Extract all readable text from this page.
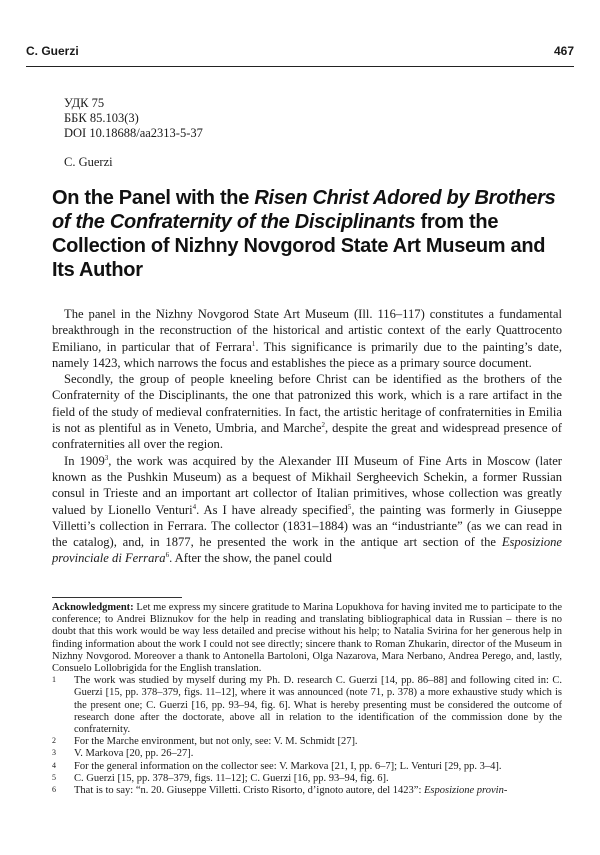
C. Guerzi	467
УДК 75
ББК 85.103(3)
DOI 10.18688/aa2313-5-37
C. Guerzi
On the Panel with the Risen Christ Adored by Brothers of the Confraternity of the Disciplinants from the Collection of Nizhny Novgorod State Art Museum and Its Author

The panel in the Nizhny Novgorod State Art Museum (Ill. 116–117) constitutes a fundamental breakthrough in the reconstruction of the historical and artistic context of the early Quattrocento Emiliano, in particular that of Ferrara$^1$. This significance is primarily due to the painting’s date, namely 1423, which narrows the focus and establishes the piece as a primary source document.

Secondly, the group of people kneeling before Christ can be identified as the brothers of the Confraternity of the Disciplinants, the one that patronized this work, which is a rare artifact in the field of the study of medieval confraternities. In fact, the artistic heritage of confraternities in Emilia is not as plentiful as in Veneto, Umbria, and Marche$^2$, despite the great and widespread presence of confraternities all over the region.

In 1909$^3$, the work was acquired by the Alexander III Museum of Fine Arts in Moscow (later known as the Pushkin Museum) as a bequest of Mikhail Sergheevich Schekin, a former Russian consul in Trieste and an important art collector of Italian primitives, whose collection was greatly valued by Lionello Venturi$^4$. As I have already specified$^5$, the painting was formerly in Giuseppe Villetti’s collection in Ferrara. The collector (1831–1884) was an “industriante” (as we can read in the catalog), and, in 1877, he presented the work in the antique art section of the Esposizione provinciale di Ferrara$^6$. After the show, the panel could

Acknowledgment: Let me express my sincere gratitude to Marina Lopukhova for having invited me to participate to the conference; to Andrei Bliznukov for the help in reading and translating bibliographical data in Russian – there is no doubt that this work would be way less detailed and precise without his help; to Natalia Svirina for her generous help in finding information about the work I could not see directly; sincere thank to Roman Zhukarin, director of the Museum in Nizhny Novgorod. Moreover a thank to Antonella Bartoloni, Olga Nazarova, Mara Nerbano, Andrea Perego, and, lastly, Consuelo Lollobrigida for the English translation.

1 The work was studied by myself during my Ph. D. research C. Guerzi [14, pp. 86–88] and following cited in: C. Guerzi [15, pp. 378–379, figs. 11–12], where it was announced (note 71, p. 378) a more exhaustive study which is the present one; C. Guerzi [16, pp. 93–94, fig. 6]. What is hereby presenting must be considered the outcome of research done after the doctorate, above all in relation to the identification of the commission done by the confraternity.

2 For the Marche environment, but not only, see: V. M. Schmidt [27].

3 V. Markova [20, pp. 26–27].

4 For the general information on the collector see: V. Markova [21, I, pp. 6–7]; L. Venturi [29, pp. 3–4].

5 C. Guerzi [15, pp. 378–379, figs. 11–12]; C. Guerzi [16, pp. 93–94, fig. 6].

6 That is to say: “n. 20. Giuseppe Villetti. Cristo Risorto, d’ignoto autore, del 1423”: Esposizione provin-
